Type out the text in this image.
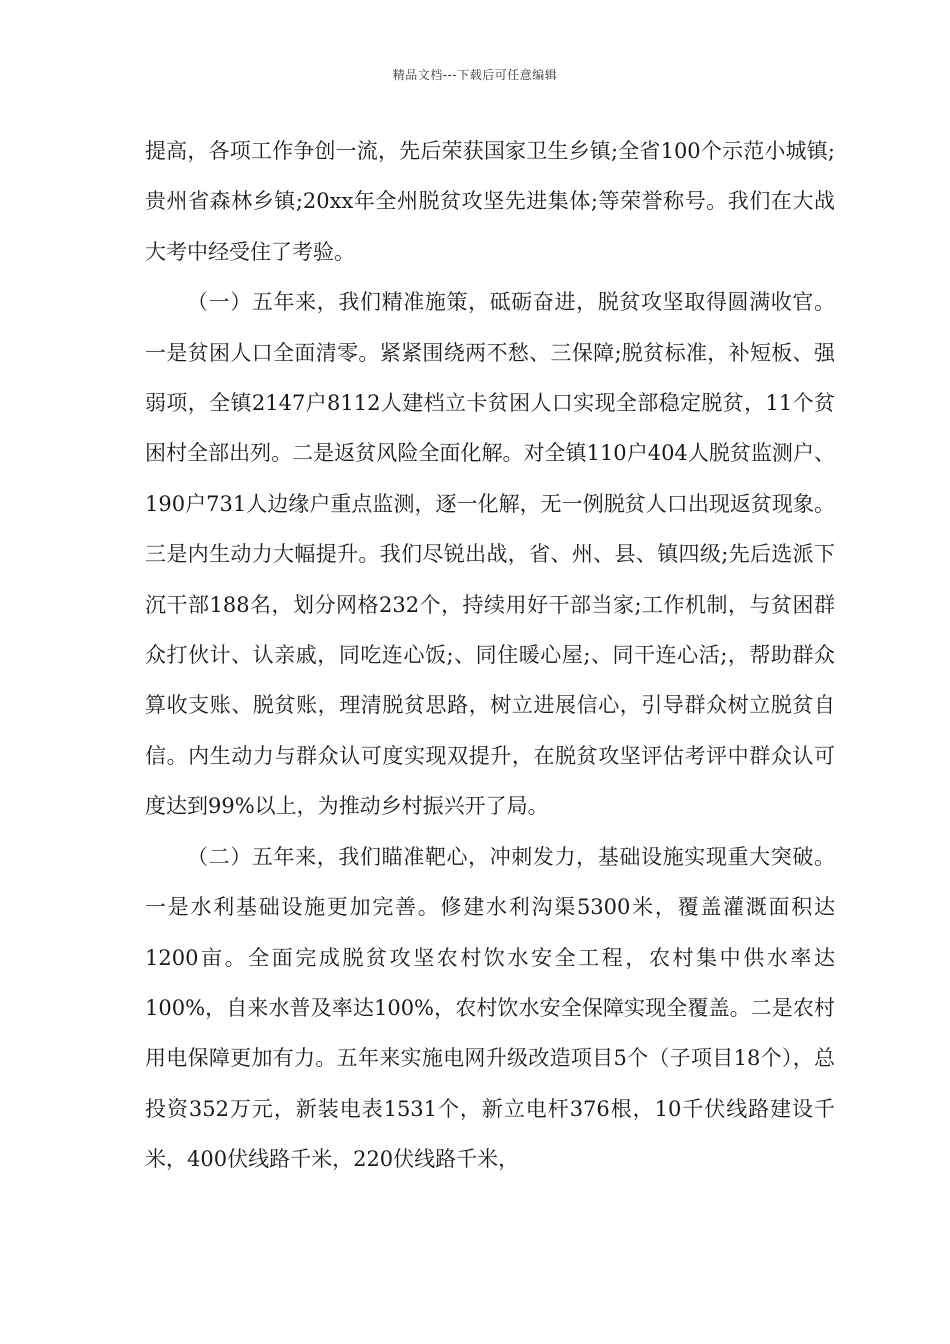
精品文档---下载后可任意编辑

提高，各项工作争创一流，先后荣获国家卫生乡镇;全省100个示范小城镇;贵州省森林乡镇;20xx年全州脱贫攻坚先进集体;等荣誉称号。我们在大战大考中经受住了考验。

（一）五年来，我们精准施策，砥砺奋进，脱贫攻坚取得圆满收官。一是贫困人口全面清零。紧紧围绕两不愁、三保障;脱贫标准，补短板、强弱项，全镇2147户8112人建档立卡贫困人口实现全部稳定脱贫，11个贫困村全部出列。二是返贫风险全面化解。对全镇110户404人脱贫监测户、190户731人边缘户重点监测，逐一化解，无一例脱贫人口出现返贫现象。三是内生动力大幅提升。我们尽锐出战，省、州、县、镇四级;先后选派下沉干部188名，划分网格232个，持续用好干部当家;工作机制，与贫困群众打伙计、认亲戚，同吃连心饭;、同住暖心屋;、同干连心活;，帮助群众算收支账、脱贫账，理清脱贫思路，树立进展信心，引导群众树立脱贫自信。内生动力与群众认可度实现双提升，在脱贫攻坚评估考评中群众认可度达到99%以上，为推动乡村振兴开了局。

（二）五年来，我们瞄准靶心，冲刺发力，基础设施实现重大突破。一是水利基础设施更加完善。修建水利沟渠5300米，覆盖灌溉面积达1200亩。全面完成脱贫攻坚农村饮水安全工程，农村集中供水率达100%，自来水普及率达100%，农村饮水安全保障实现全覆盖。二是农村用电保障更加有力。五年来实施电网升级改造项目5个（子项目18个），总投资352万元，新装电表1531个，新立电杆376根，10千伏线路建设千米，400伏线路千米，220伏线路千米，
